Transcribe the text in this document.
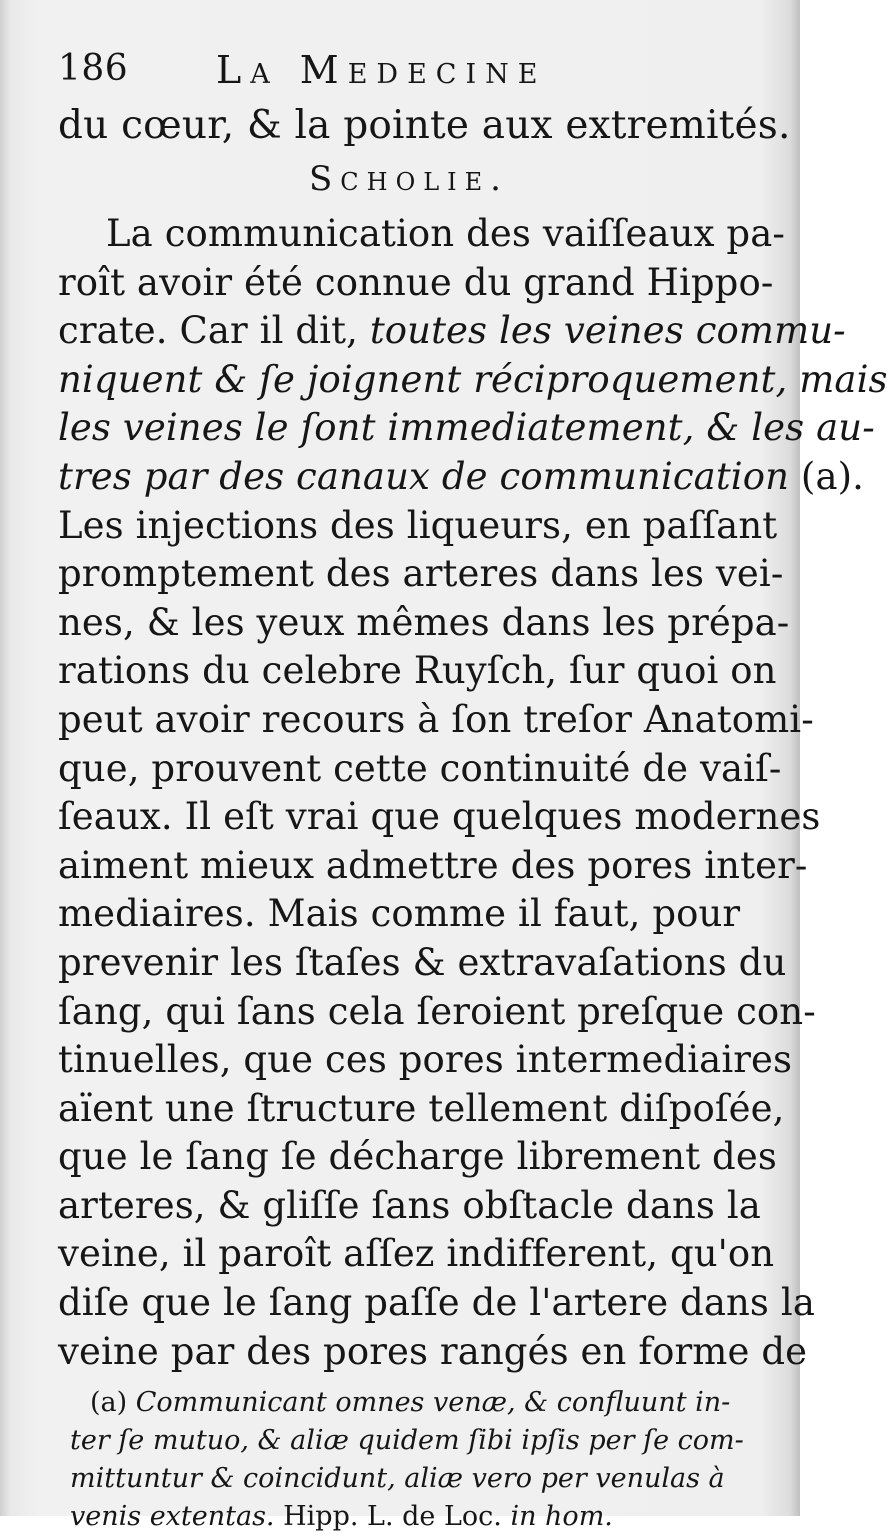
186 La Medecine
du cœur, & la pointe aux extremités.
Scholie.
La communication des vaiſſeaux pa-
roît avoir été connue du grand Hippo-
crate. Car il dit, toutes les veines commu-
niquent & ſe joignent réciproquement, mais
les veines le ſont immediatement, & les au-
tres par des canaux de communication (a).
Les injections des liqueurs, en paſſant
promptement des arteres dans les vei-
nes, & les yeux mêmes dans les prépa-
rations du celebre Ruyſch, ſur quoi on
peut avoir recours à ſon treſor Anatomi-
que, prouvent cette continuité de vaiſ-
ſeaux. Il eſt vrai que quelques modernes
aiment mieux admettre des pores inter-
mediaires. Mais comme il faut, pour
prevenir les ſtaſes & extravaſations du
ſang, qui ſans cela ſeroient preſque con-
tinuelles, que ces pores intermediaires
aïent une ſtructure tellement diſpoſée,
que le ſang ſe décharge librement des
arteres, & gliſſe ſans obſtacle dans la
veine, il paroît aſſez indifferent, qu'on
diſe que le ſang paſſe de l'artere dans la
veine par des pores rangés en forme de
(a) Communicant omnes venæ, & confluunt in-
ter ſe mutuo, & aliæ quidem ſibi ipſis per ſe com-
mittuntur & coincidunt, aliæ vero per venulas à
venis extentas. Hipp. L. de Loc. in hom.
